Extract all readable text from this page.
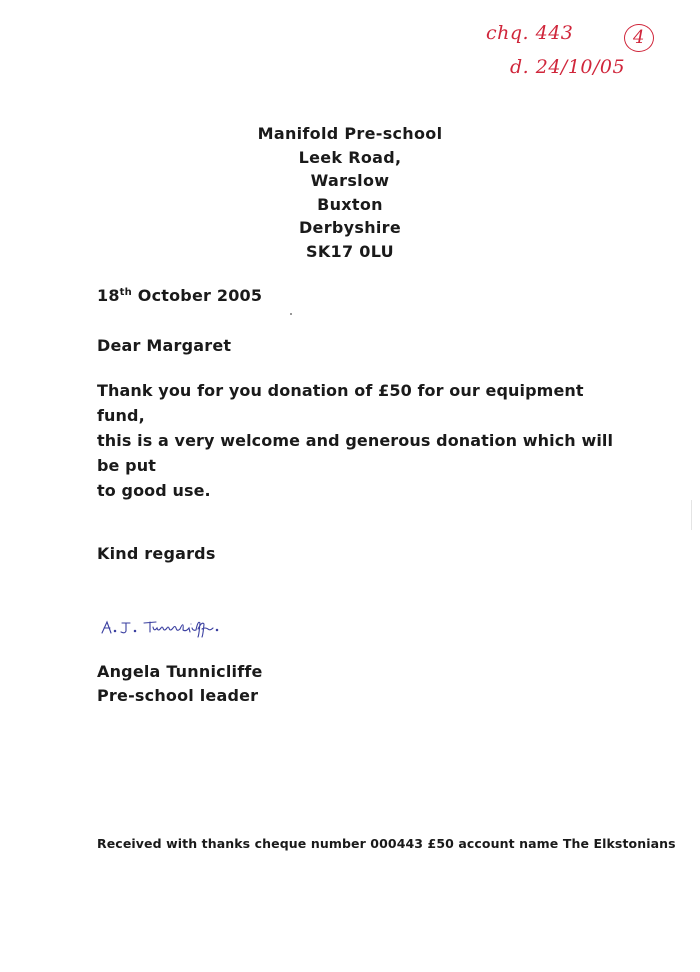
chq. 443
d. 24/10/05
4
Manifold Pre-school
Leek Road,
Warslow
Buxton
Derbyshire
SK17 0LU
18th October 2005
Dear Margaret
Thank you for you donation of £50 for our equipment fund,
this is a very welcome and generous donation which will be put
to good use.
Kind regards
Angela Tunnicliffe
Pre-school leader
Received with thanks cheque number 000443 £50 account name The Elkstonians
